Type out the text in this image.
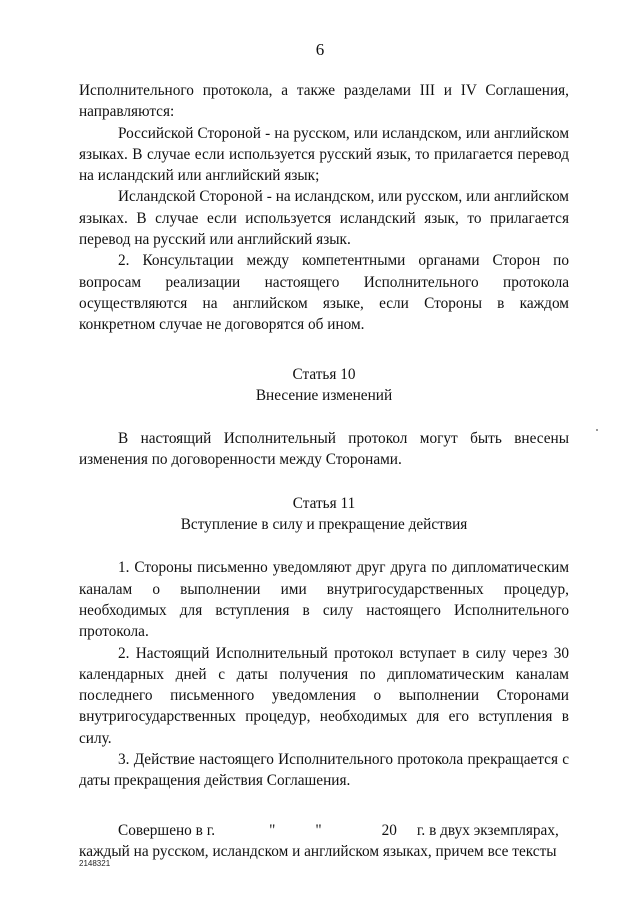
6

Исполнительного протокола, а также разделами III и IV Соглашения, направляются:

Российской Стороной - на русском, или исландском, или английском языках. В случае если используется русский язык, то прилагается перевод на исландский или английский язык;

Исландской Стороной - на исландском, или русском, или английском языках. В случае если используется исландский язык, то прилагается перевод на русский или английский язык.

2. Консультации между компетентными органами Сторон по вопросам реализации настоящего Исполнительного протокола осуществляются на английском языке, если Стороны в каждом конкретном случае не договорятся об ином.

Статья 10

Внесение изменений

В настоящий Исполнительный протокол могут быть внесены изменения по договоренности между Сторонами.

Статья 11

Вступление в силу и прекращение действия

1. Стороны письменно уведомляют друг друга по дипломатическим каналам о выполнении ими внутригосударственных процедур, необходимых для вступления в силу настоящего Исполнительного протокола.

2. Настоящий Исполнительный протокол вступает в силу через 30 календарных дней с даты получения по дипломатическим каналам последнего письменного уведомления о выполнении Сторонами внутригосударственных процедур, необходимых для его вступления в силу.

3. Действие настоящего Исполнительного протокола прекращается с даты прекращения действия Соглашения.

Совершено в г.	"	"	20 г. в двух экземплярах,

каждый на русском, исландском и английском языках, причем все тексты

2148321
